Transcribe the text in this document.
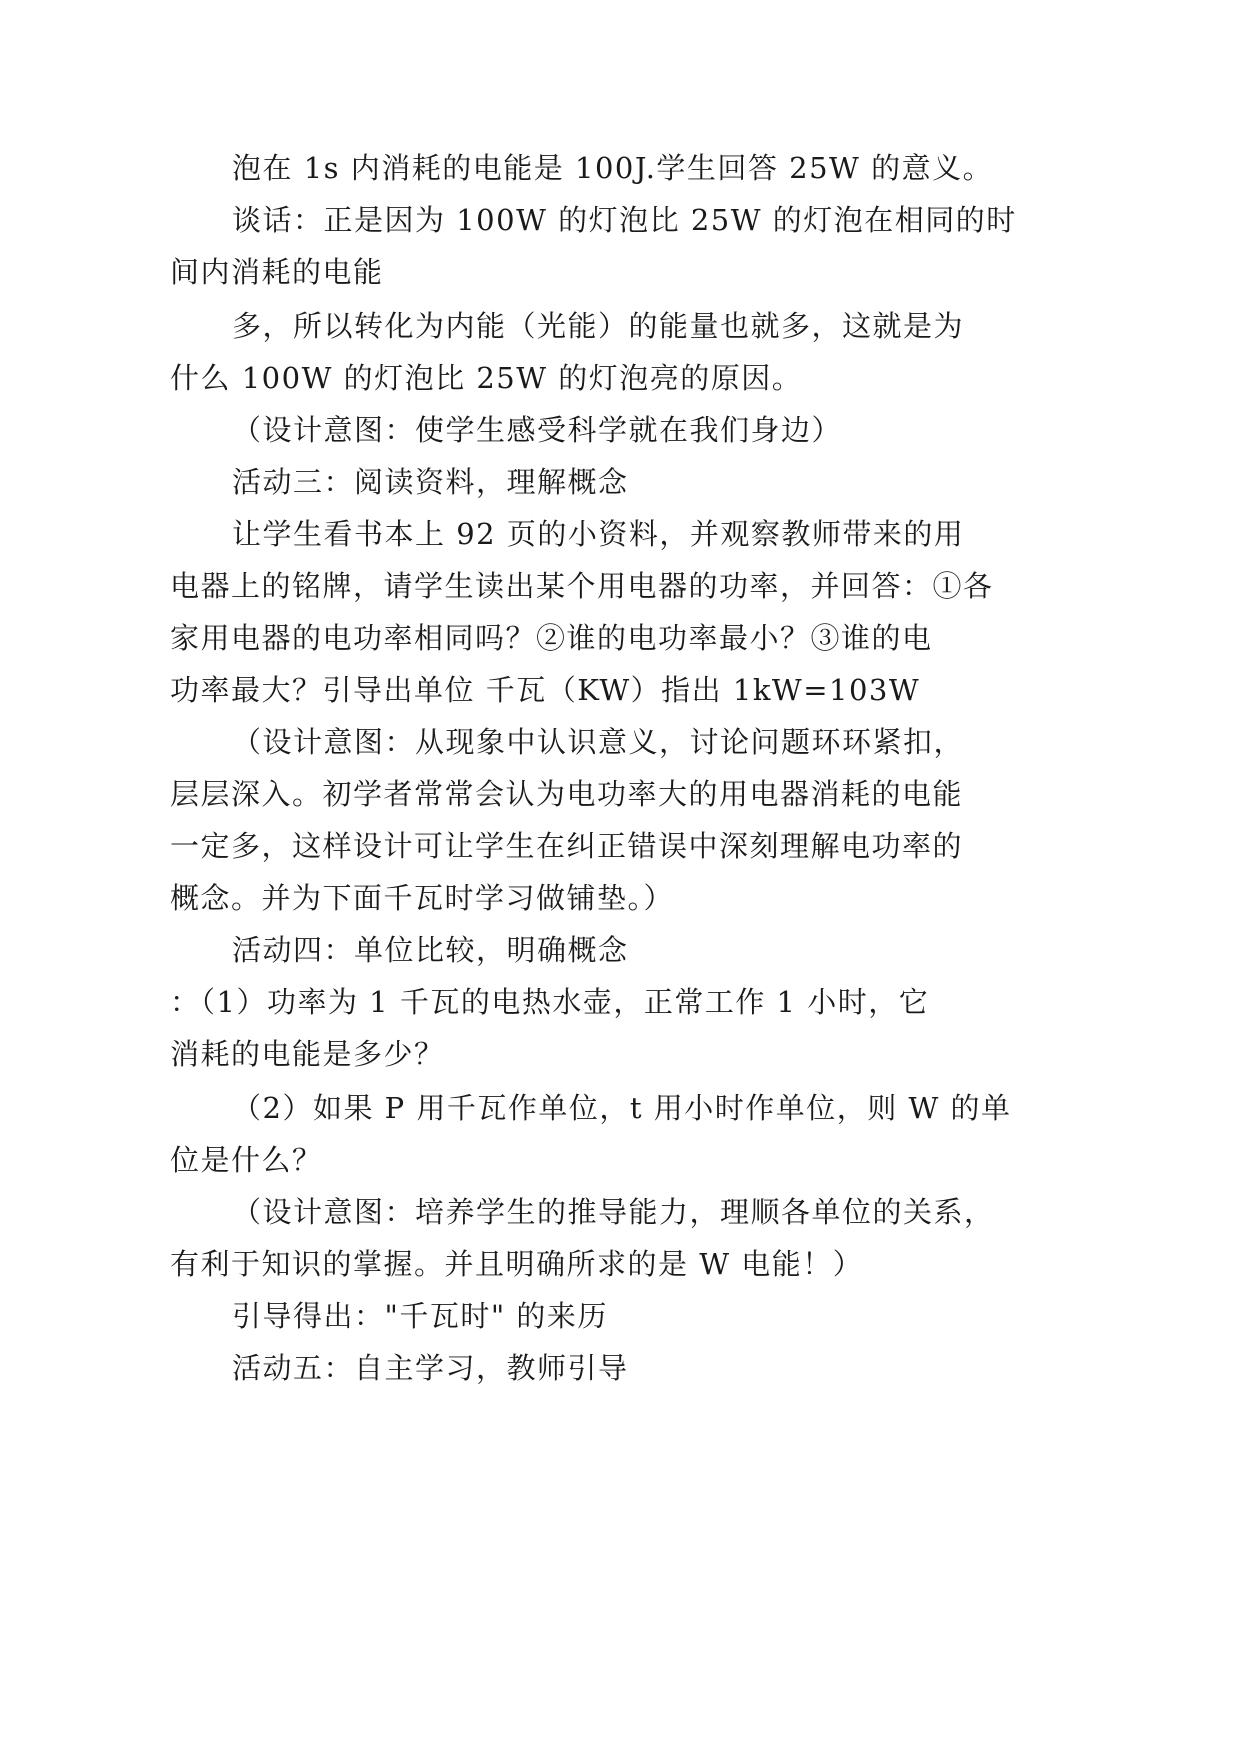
泡在 1s 内消耗的电能是 100J.学生回答 25W 的意义。

谈话：正是因为 100W 的灯泡比 25W 的灯泡在相同的时

间内消耗的电能

多，所以转化为内能（光能）的能量也就多，这就是为

什么 100W 的灯泡比 25W 的灯泡亮的原因。

（设计意图：使学生感受科学就在我们身边）

活动三：阅读资料，理解概念

让学生看书本上 92 页的小资料，并观察教师带来的用

电器上的铭牌，请学生读出某个用电器的功率，并回答：①各

家用电器的电功率相同吗？②谁的电功率最小？③谁的电

功率最大？引导出单位 千瓦（KW）指出 1kW=103W

（设计意图：从现象中认识意义，讨论问题环环紧扣，

层层深入。初学者常常会认为电功率大的用电器消耗的电能

一定多，这样设计可让学生在纠正错误中深刻理解电功率的

概念。并为下面千瓦时学习做铺垫。）

活动四：单位比较，明确概念

：（1）功率为 1 千瓦的电热水壶，正常工作 1 小时，它

消耗的电能是多少？

（2）如果 P 用千瓦作单位，t 用小时作单位，则 W 的单

位是什么？

（设计意图：培养学生的推导能力，理顺各单位的关系，

有利于知识的掌握。并且明确所求的是 W 电能！）

引导得出："千瓦时" 的来历

活动五：自主学习，教师引导
